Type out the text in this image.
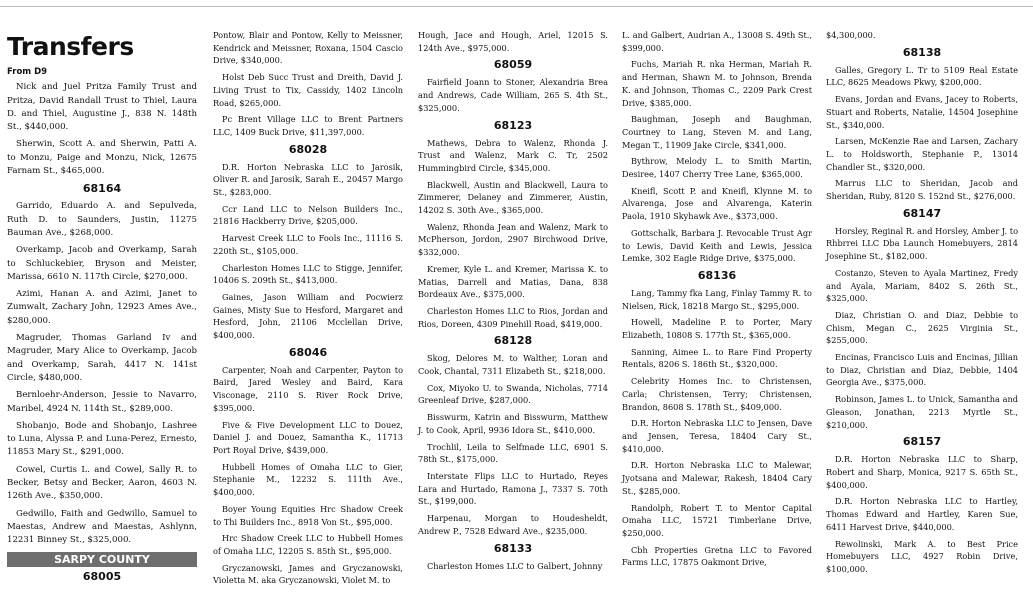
Transfers
From D9

Nick and Juel Pritza Family Trust and Pritza, David Randall Trust to Thiel, Laura D. and Thiel, Augustine J., 838 N. 148th St., $440,000.

Sherwin, Scott A. and Sherwin, Patti A. to Monzu, Paige and Monzu, Nick, 12675 Farnam St., $465,000.

68164

Garrido, Eduardo A. and Sepulveda, Ruth D. to Saunders, Justin, 11275 Bauman Ave., $268,000.

Overkamp, Jacob and Overkamp, Sarah to Schluckebier, Bryson and Meister, Marissa, 6610 N. 117th Circle, $270,000.

Azimi, Hanan A. and Azimi, Janet to Zumwalt, Zachary John, 12923 Ames Ave., $280,000.

Magruder, Thomas Garland Iv and Magruder, Mary Alice to Overkamp, Jacob and Overkamp, Sarah, 4417 N. 141st Circle, $480,000.

Bernloehr-Anderson, Jessie to Navarro, Maribel, 4924 N. 114th St., $289,000.

Shobanjo, Bode and Shobanjo, Lashree to Luna, Alyssa P. and Luna-Perez, Ernesto, 11853 Mary St., $291,000.

Cowel, Curtis L. and Cowel, Sally R. to Becker, Betsy and Becker, Aaron, 4603 N. 126th Ave., $350,000.

Gedwillo, Faith and Gedwillo, Samuel to Maestas, Andrew and Maestas, Ashlynn, 12231 Binney St., $325,000.

SARPY COUNTY
68005

Pontow, Blair and Pontow, Kelly to Meissner, Kendrick and Meissner, Roxana, 1504 Cascio Drive, $340,000.

Holst Deb Succ Trust and Dreith, David J. Living Trust to Tix, Cassidy, 1402 Lincoln Road, $265,000.

Pc Brent Village LLC to Brent Partners LLC, 1409 Buck Drive, $11,397,000.

68028

D.R. Horton Nebraska LLC to Jarosik, Oliver R. and Jarosik, Sarah E., 20457 Margo St., $283,000.

Ccr Land LLC to Nelson Builders Inc., 21816 Hackberry Drive, $205,000.

Harvest Creek LLC to Fools Inc., 11116 S. 220th St., $105,000.

Charleston Homes LLC to Stigge, Jennifer, 10406 S. 209th St., $413,000.

Gaines, Jason William and Pocwierz Gaines, Misty Sue to Hesford, Margaret and Hesford, John, 21106 Mcclellan Drive, $400,000.

68046

Carpenter, Noah and Carpenter, Payton to Baird, Jared Wesley and Baird, Kara Visconage, 2110 S. River Rock Drive, $395,000.

Five & Five Development LLC to Douez, Daniel J. and Douez, Samantha K., 11713 Port Royal Drive, $439,000.

Hubbell Homes of Omaha LLC to Gier, Stephanie M., 12232 S. 111th Ave., $400,000.

Boyer Young Equities Hrc Shadow Creek to Thi Builders Inc., 8918 Von St., $95,000.

Hrc Shadow Creek LLC to Hubbell Homes of Omaha LLC, 12205 S. 85th St., $95,000.

Gryczanowski, James and Gryczanowski, Violetta M. aka Gryczanowski, Violet M. to

Hough, Jace and Hough, Ariel, 12015 S. 124th Ave., $975,000.

68059

Fairfield Joann to Stoner, Alexandria Brea and Andrews, Cade William, 265 S. 4th St., $325,000.

68123

Mathews, Debra to Walenz, Rhonda J. Trust and Walenz, Mark C. Tr, 2502 Hummingbird Circle, $345,000.

Blackwell, Austin and Blackwell, Laura to Zimmerer, Delaney and Zimmerer, Austin, 14202 S. 30th Ave., $365,000.

Walenz, Rhonda Jean and Walenz, Mark to McPherson, Jordon, 2907 Birchwood Drive, $332,000.

Kremer, Kyle L. and Kremer, Marissa K. to Matias, Darrell and Matias, Dana, 838 Bordeaux Ave., $375,000.

Charleston Homes LLC to Rios, Jordan and Rios, Doreen, 4309 Pinehill Road, $419,000.

68128

Skog, Delores M. to Walther, Loran and Cook, Chantal, 7311 Elizabeth St., $218,000.

Cox, Miyoko U. to Swanda, Nicholas, 7714 Greenleaf Drive, $287,000.

Bisswurm, Katrin and Bisswurm, Matthew J. to Cook, April, 9936 Idora St., $410,000.

Trochlil, Leila to Selfmade LLC, 6901 S. 78th St., $175,000.

Interstate Flips LLC to Hurtado, Reyes Lara and Hurtado, Ramona J., 7337 S. 70th St., $199,000.

Harpenau, Morgan to Houdesheldt, Andrew P., 7528 Edward Ave., $235,000.

68133

Charleston Homes LLC to Galbert, Johnny

L. and Galbert, Audrian A., 13008 S. 49th St., $399,000.

Fuchs, Mariah R. nka Herman, Mariah R. and Herman, Shawn M. to Johnson, Brenda K. and Johnson, Thomas C., 2209 Park Crest Drive, $385,000.

Baughman, Joseph and Baughman, Courtney to Lang, Steven M. and Lang, Megan T., 11909 Jake Circle, $341,000.

Bythrow, Melody L. to Smith Martin, Desiree, 1407 Cherry Tree Lane, $365,000.

Kneifl, Scott P. and Kneifl, Klynne M. to Alvarenga, Jose and Alvarenga, Katerin Paola, 1910 Skyhawk Ave., $373,000.

Gottschalk, Barbara J. Revocable Trust Agr to Lewis, David Keith and Lewis, Jessica Lemke, 302 Eagle Ridge Drive, $375,000.

68136

Lang, Tammy fka Lang, Finlay Tammy R. to Nielsen, Rick, 18218 Margo St., $295,000.

Howell, Madeline P. to Porter, Mary Elizabeth, 10808 S. 177th St., $365,000.

Sanning, Aimee L. to Rare Find Property Rentals, 8206 S. 186th St., $320,000.

Celebrity Homes Inc. to Christensen, Carla; Christensen, Terry; Christensen, Brandon, 8608 S. 178th St., $409,000.

D.R. Horton Nebraska LLC to Jensen, Dave and Jensen, Teresa, 18404 Cary St., $410,000.

D.R. Horton Nebraska LLC to Malewar, Jyotsana and Malewar, Rakesh, 18404 Cary St., $285,000.

Randolph, Robert T. to Mentor Capital Omaha LLC, 15721 Timberlane Drive, $250,000.

Cbh Properties Gretna LLC to Favored Farms LLC, 17875 Oakmont Drive,

$4,300,000.

68138

Galles, Gregory L. Tr to 5109 Real Estate LLC, 8625 Meadows Pkwy, $200,000.

Evans, Jordan and Evans, Jacey to Roberts, Stuart and Roberts, Natalie, 14504 Josephine St., $340,000.

Larsen, McKenzie Rae and Larsen, Zachary L. to Holdsworth, Stephanie P., 13014 Chandler St., $320,000.

Marrus LLC to Sheridan, Jacob and Sheridan, Ruby, 8120 S. 152nd St., $276,000.

68147

Horsley, Reginal R. and Horsley, Amber J. to Rhbrrei LLC Dba Launch Homebuyers, 2814 Josephine St., $182,000.

Costanzo, Steven to Ayala Martinez, Fredy and Ayala, Mariam, 8402 S. 26th St., $325,000.

Diaz, Christian O. and Diaz, Debbie to Chism, Megan C., 2625 Virginia St., $255,000.

Encinas, Francisco Luis and Encinas, Jillian to Diaz, Christian and Diaz, Debbie, 1404 Georgia Ave., $375,000.

Robinson, James L. to Unick, Samantha and Gleason, Jonathan, 2213 Myrtle St., $210,000.

68157

D.R. Horton Nebraska LLC to Sharp, Robert and Sharp, Monica, 9217 S. 65th St., $400,000.

D.R. Horton Nebraska LLC to Hartley, Thomas Edward and Hartley, Karen Sue, 6411 Harvest Drive, $440,000.

Rewolinski, Mark A. to Best Price Homebuyers LLC, 4927 Robin Drive, $100,000.
